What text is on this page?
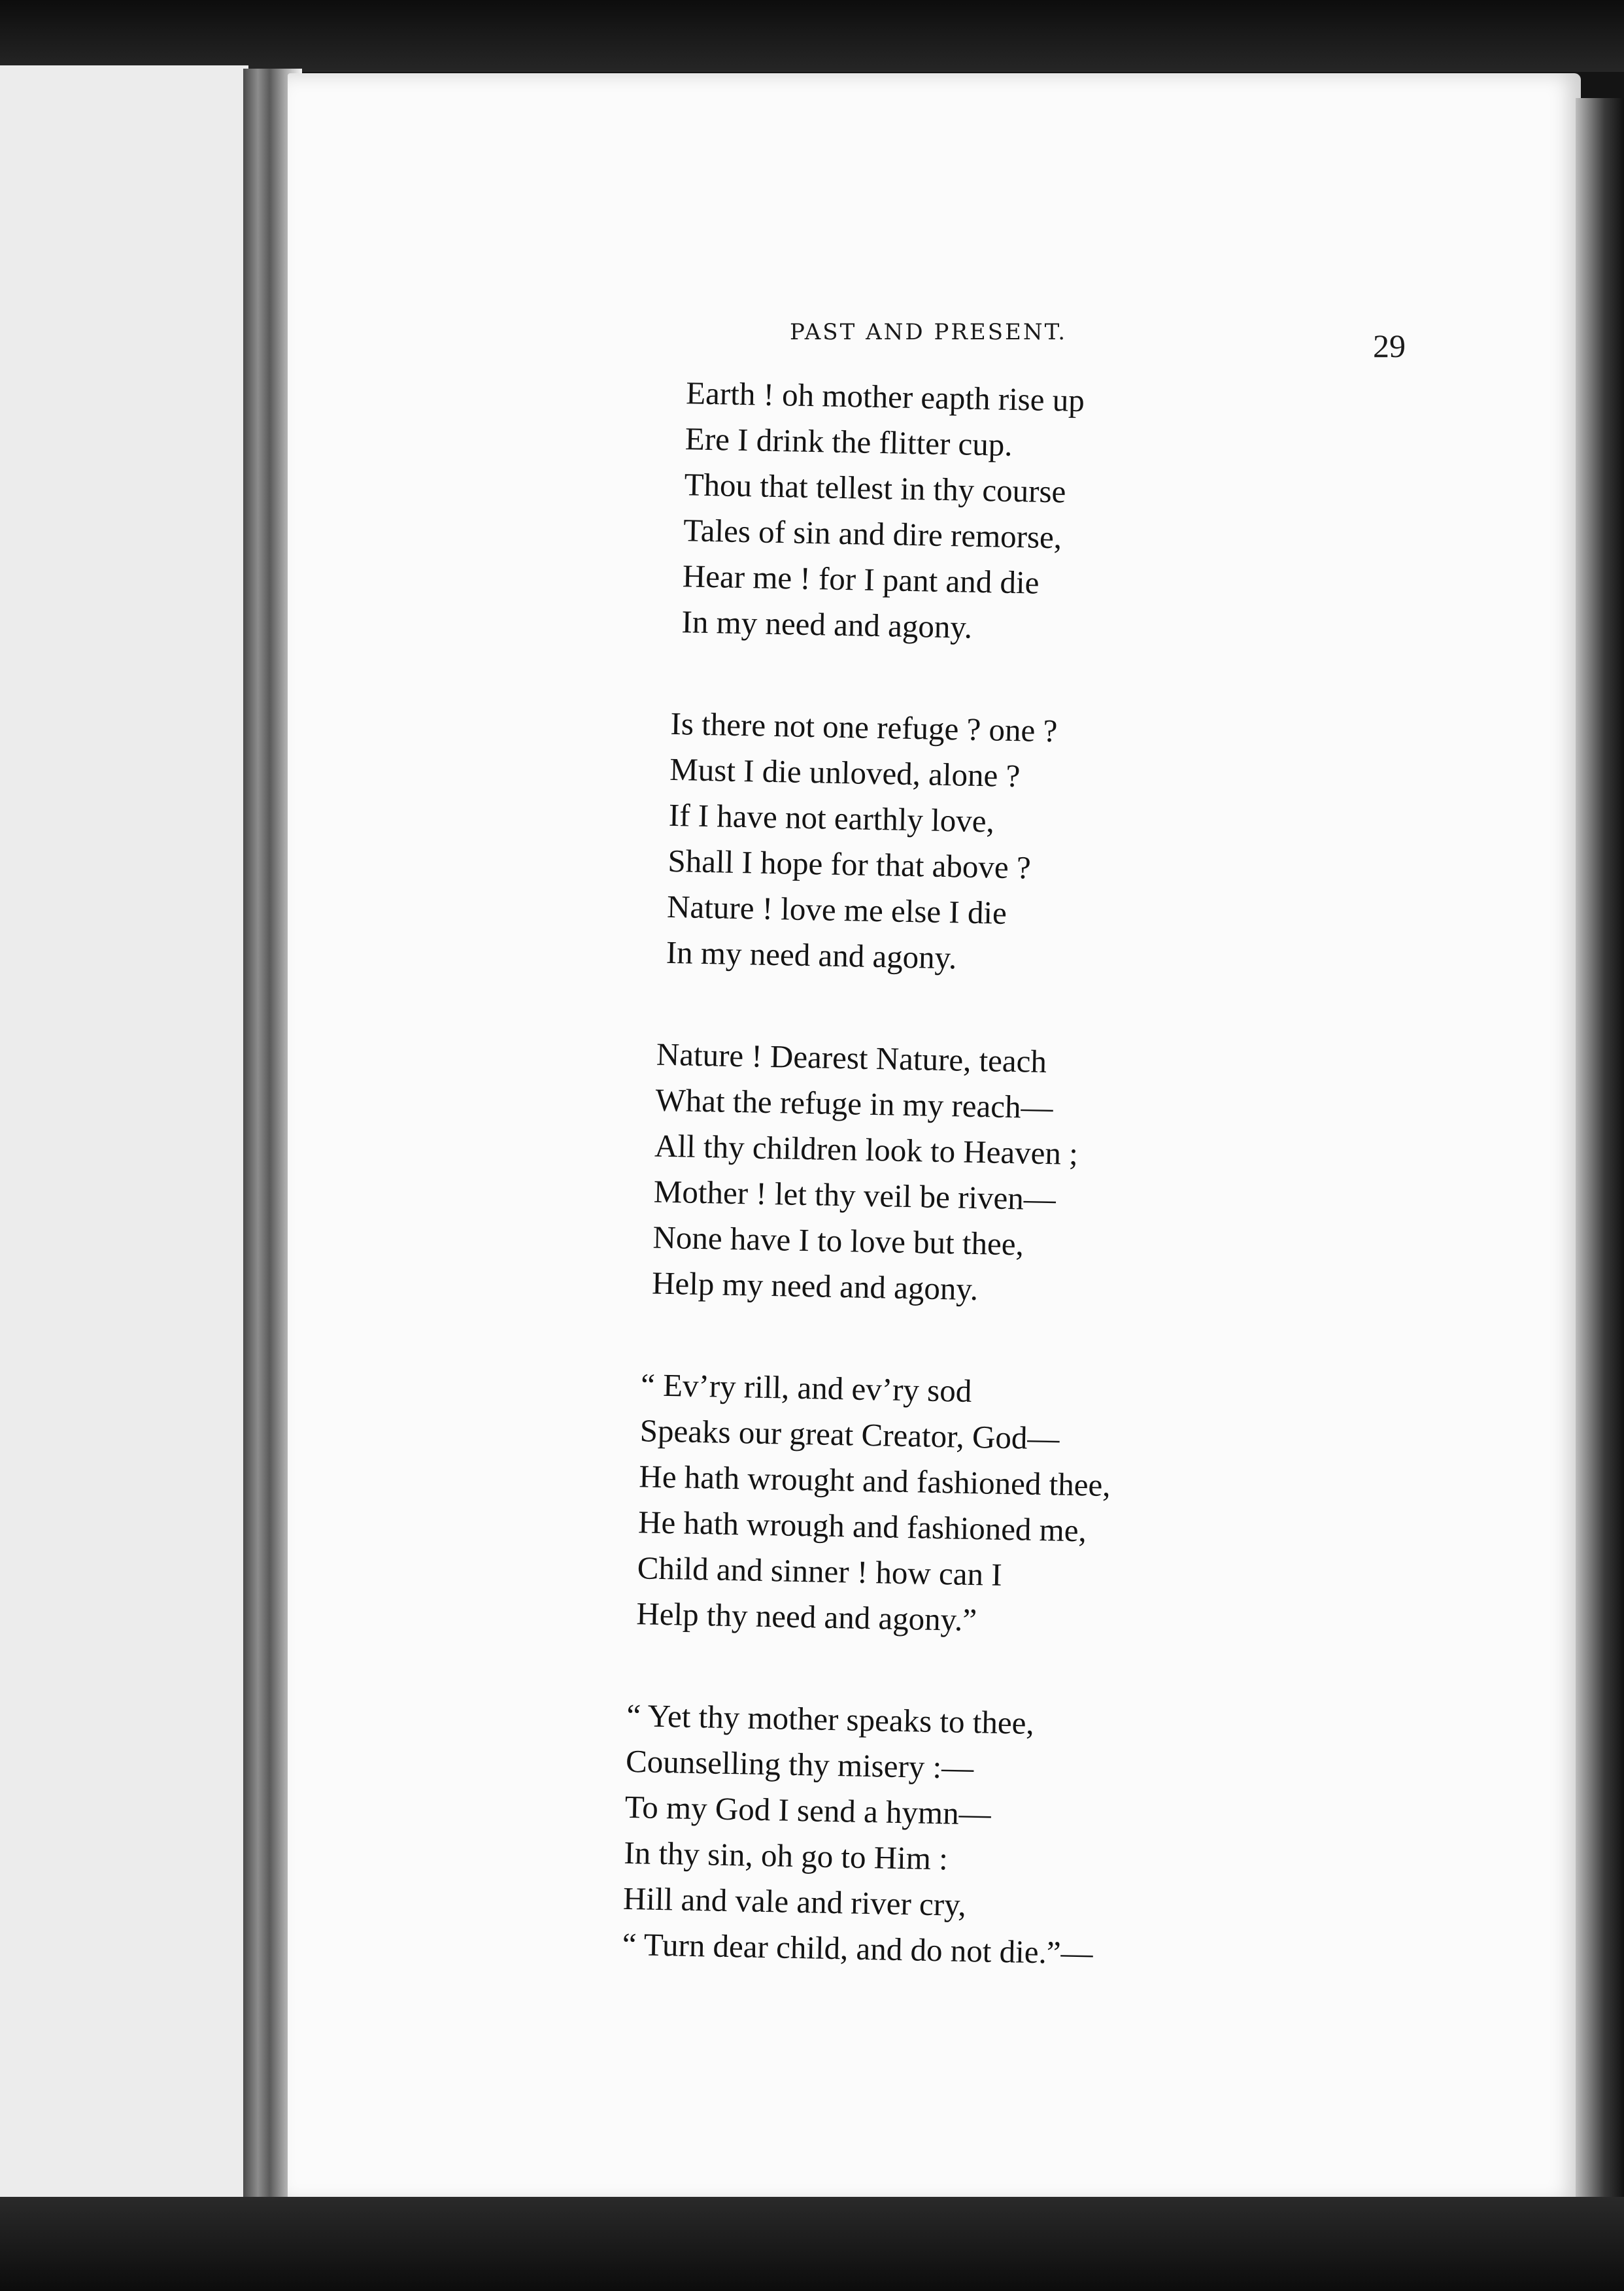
PAST AND PRESENT.	29
Earth ! oh mother eapth rise up
Ere I drink the flitter cup.
Thou that tellest in thy course
Tales of sin and dire remorse,
Hear me ! for I pant and die
In my need and agony.
Is there not one refuge ? one ?
Must I die unloved, alone ?
If I have not earthly love,
Shall I hope for that above ?
Nature ! love me else I die
In my need and agony.
Nature ! Dearest Nature, teach
What the refuge in my reach—
All thy children look to Heaven ;
Mother ! let thy veil be riven—
None have I to love but thee,
Help my need and agony.
“ Ev’ry rill, and ev’ry sod
Speaks our great Creator, God—
He hath wrought and fashioned thee,
He hath wrough and fashioned me,
Child and sinner ! how can I
Help thy need and agony.”
“ Yet thy mother speaks to thee,
Counselling thy misery :—
To my God I send a hymn—
In thy sin, oh go to Him :
Hill and vale and river cry,
“ Turn dear child, and do not die.”—
